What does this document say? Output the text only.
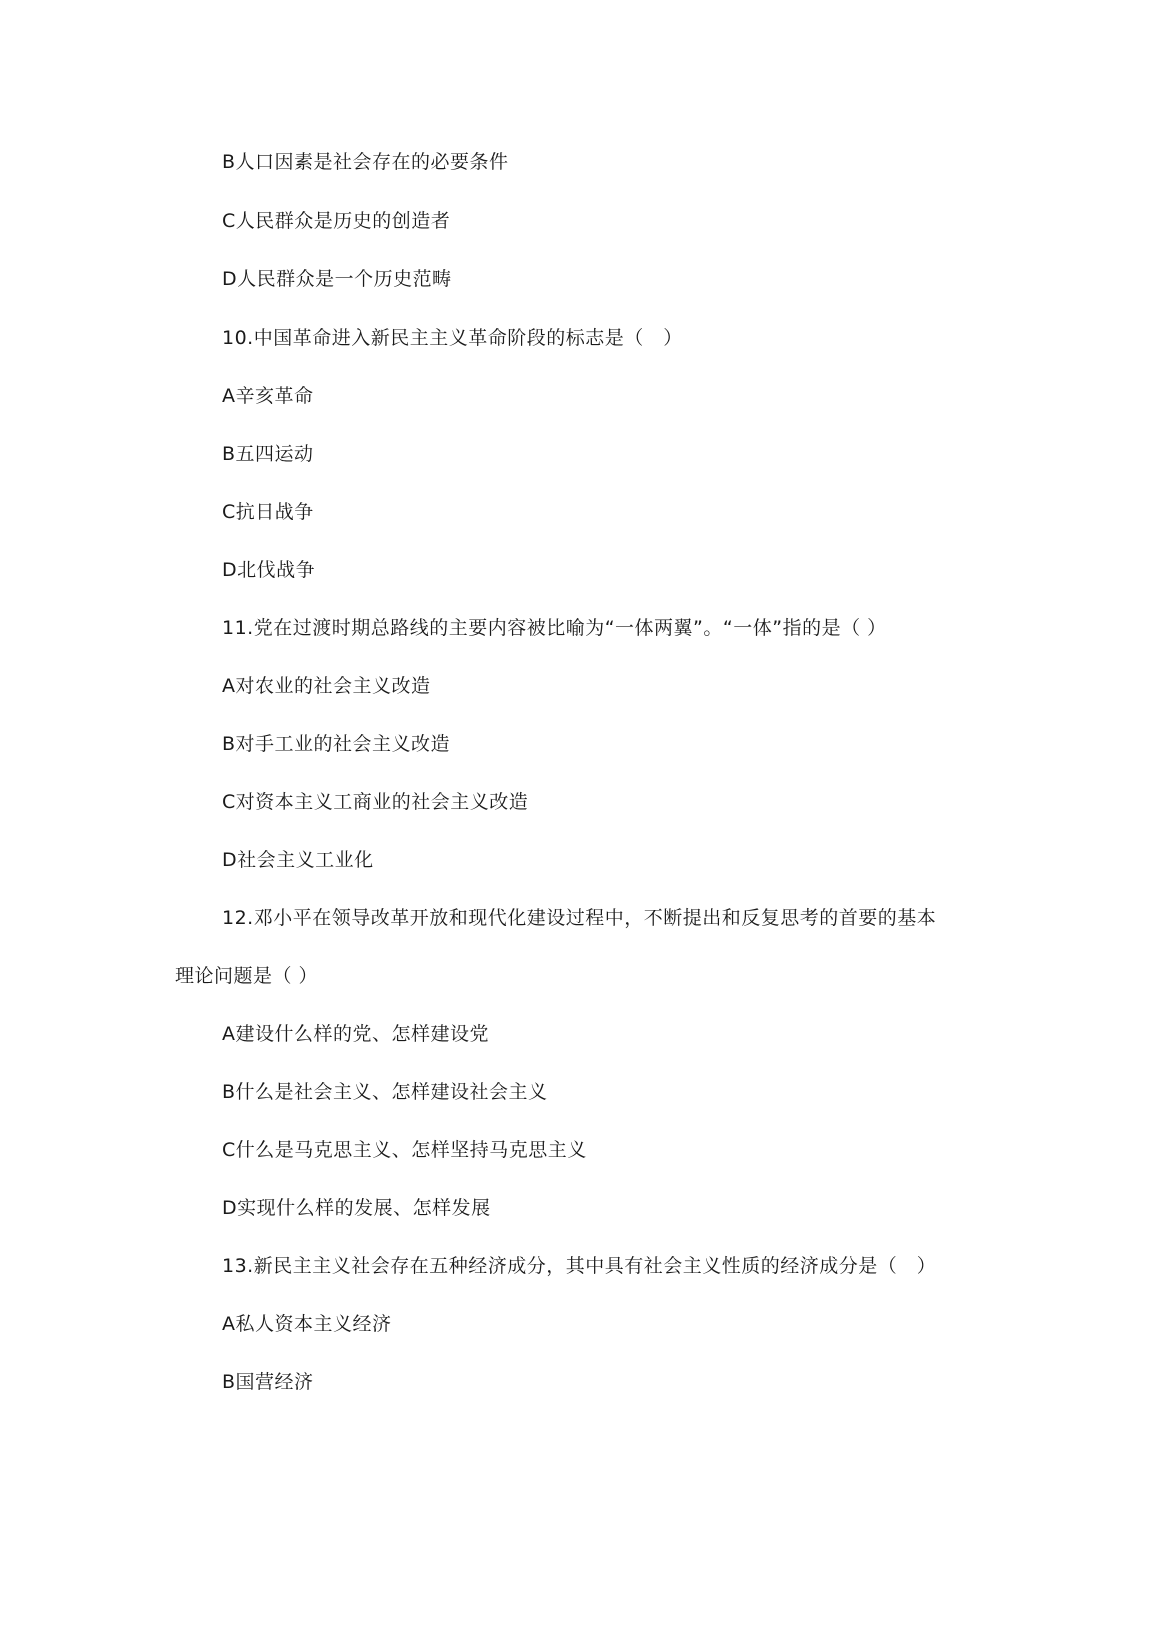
B人口因素是社会存在的必要条件
C人民群众是历史的创造者
D人民群众是一个历史范畴
10.中国革命进入新民主主义革命阶段的标志是（　）
A辛亥革命
B五四运动
C抗日战争
D北伐战争
11.党在过渡时期总路线的主要内容被比喻为“一体两翼”。“一体”指的是（ ）
A对农业的社会主义改造
B对手工业的社会主义改造
C对资本主义工商业的社会主义改造
D社会主义工业化
12.邓小平在领导改革开放和现代化建设过程中，不断提出和反复思考的首要的基本
理论问题是（ ）
A建设什么样的党、怎样建设党
B什么是社会主义、怎样建设社会主义
C什么是马克思主义、怎样坚持马克思主义
D实现什么样的发展、怎样发展
13.新民主主义社会存在五种经济成分，其中具有社会主义性质的经济成分是（　）
A私人资本主义经济
B国营经济
